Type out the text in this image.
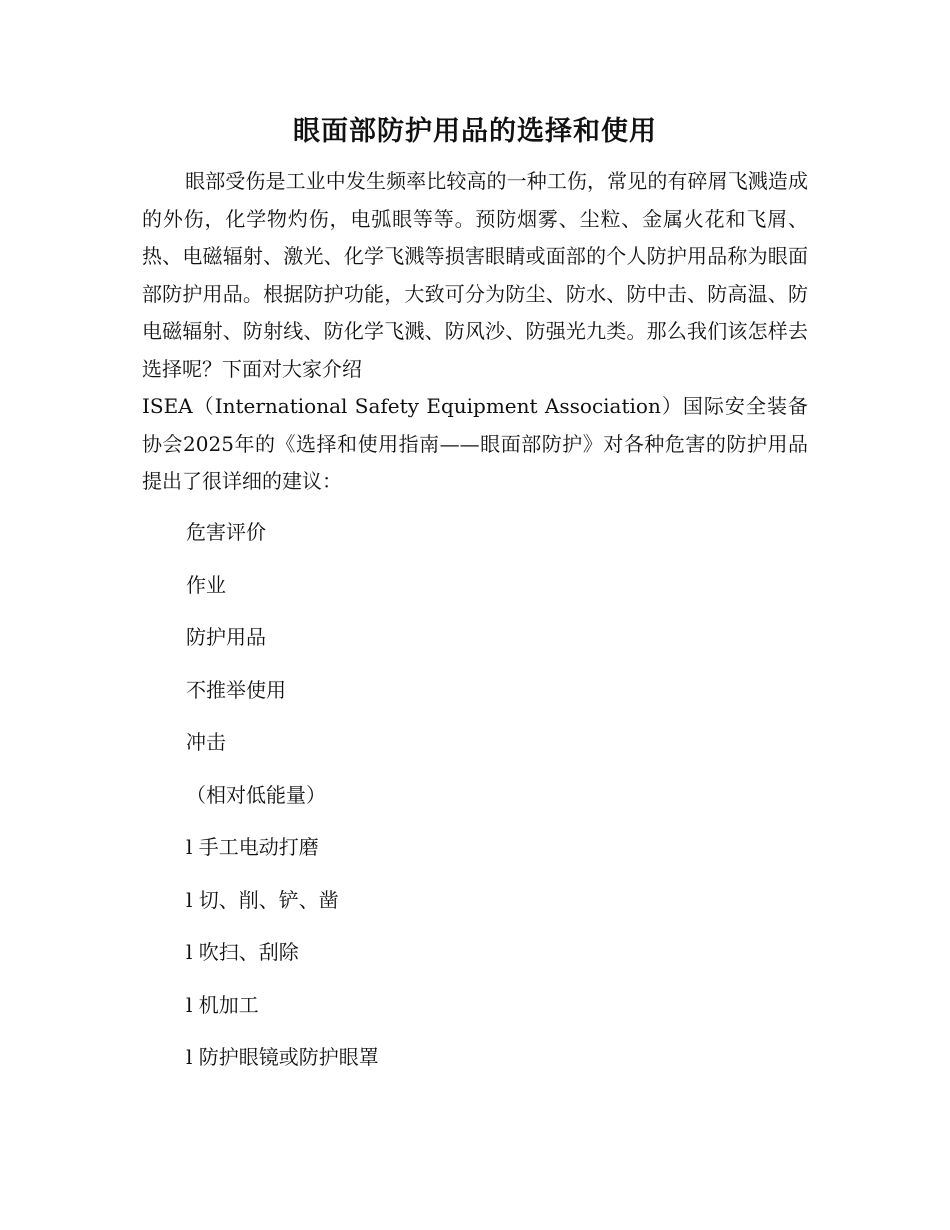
眼面部防护用品的选择和使用
眼部受伤是工业中发生频率比较高的一种工伤，常见的有碎屑飞溅造成的外伤，化学物灼伤，电弧眼等等。预防烟雾、尘粒、金属火花和飞屑、热、电磁辐射、激光、化学飞溅等损害眼睛或面部的个人防护用品称为眼面部防护用品。根据防护功能，大致可分为防尘、防水、防中击、防高温、防电磁辐射、防射线、防化学飞溅、防风沙、防强光九类。那么我们该怎样去选择呢？下面对大家介绍
ISEA（International Safety Equipment Association）国际安全装备协会2025年的《选择和使用指南——眼面部防护》对各种危害的防护用品提出了很详细的建议：
危害评价
作业
防护用品
不推举使用
冲击
（相对低能量）
l 手工电动打磨
l 切、削、铲、凿
l 吹扫、刮除
l 机加工
l 防护眼镜或防护眼罩
